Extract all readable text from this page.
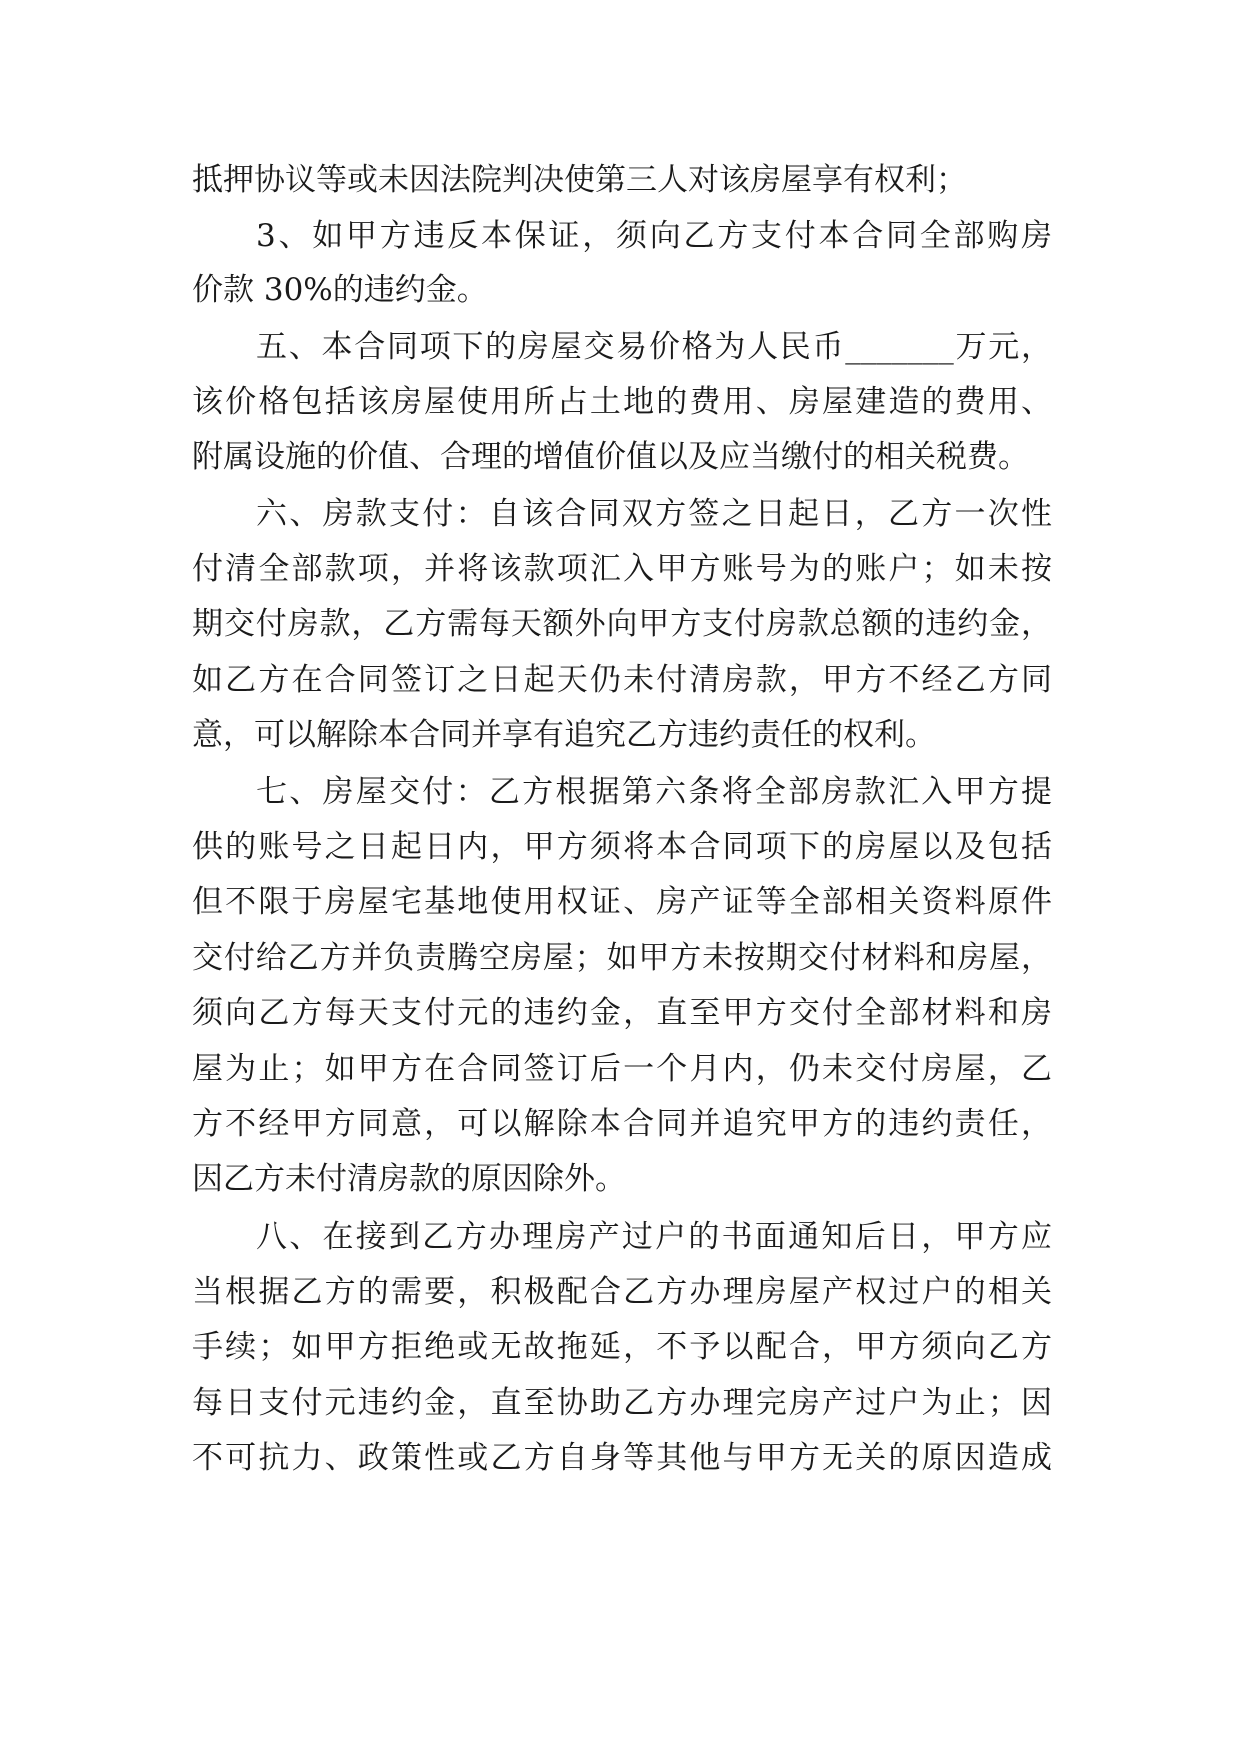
抵押协议等或未因法院判决使第三人对该房屋享有权利；
3、如甲方违反本保证，须向乙方支付本合同全部购房
价款 30%的违约金。
五、本合同项下的房屋交易价格为人民币_______万元，
该价格包括该房屋使用所占土地的费用、房屋建造的费用、
附属设施的价值、合理的增值价值以及应当缴付的相关税费。
六、房款支付：自该合同双方签之日起日，乙方一次性
付清全部款项，并将该款项汇入甲方账号为的账户；如未按
期交付房款，乙方需每天额外向甲方支付房款总额的违约金，
如乙方在合同签订之日起天仍未付清房款，甲方不经乙方同
意，可以解除本合同并享有追究乙方违约责任的权利。
七、房屋交付：乙方根据第六条将全部房款汇入甲方提
供的账号之日起日内，甲方须将本合同项下的房屋以及包括
但不限于房屋宅基地使用权证、房产证等全部相关资料原件
交付给乙方并负责腾空房屋；如甲方未按期交付材料和房屋，
须向乙方每天支付元的违约金，直至甲方交付全部材料和房
屋为止；如甲方在合同签订后一个月内，仍未交付房屋，乙
方不经甲方同意，可以解除本合同并追究甲方的违约责任，
因乙方未付清房款的原因除外。
八、在接到乙方办理房产过户的书面通知后日，甲方应
当根据乙方的需要，积极配合乙方办理房屋产权过户的相关
手续；如甲方拒绝或无故拖延，不予以配合，甲方须向乙方
每日支付元违约金，直至协助乙方办理完房产过户为止；因
不可抗力、政策性或乙方自身等其他与甲方无关的原因造成
